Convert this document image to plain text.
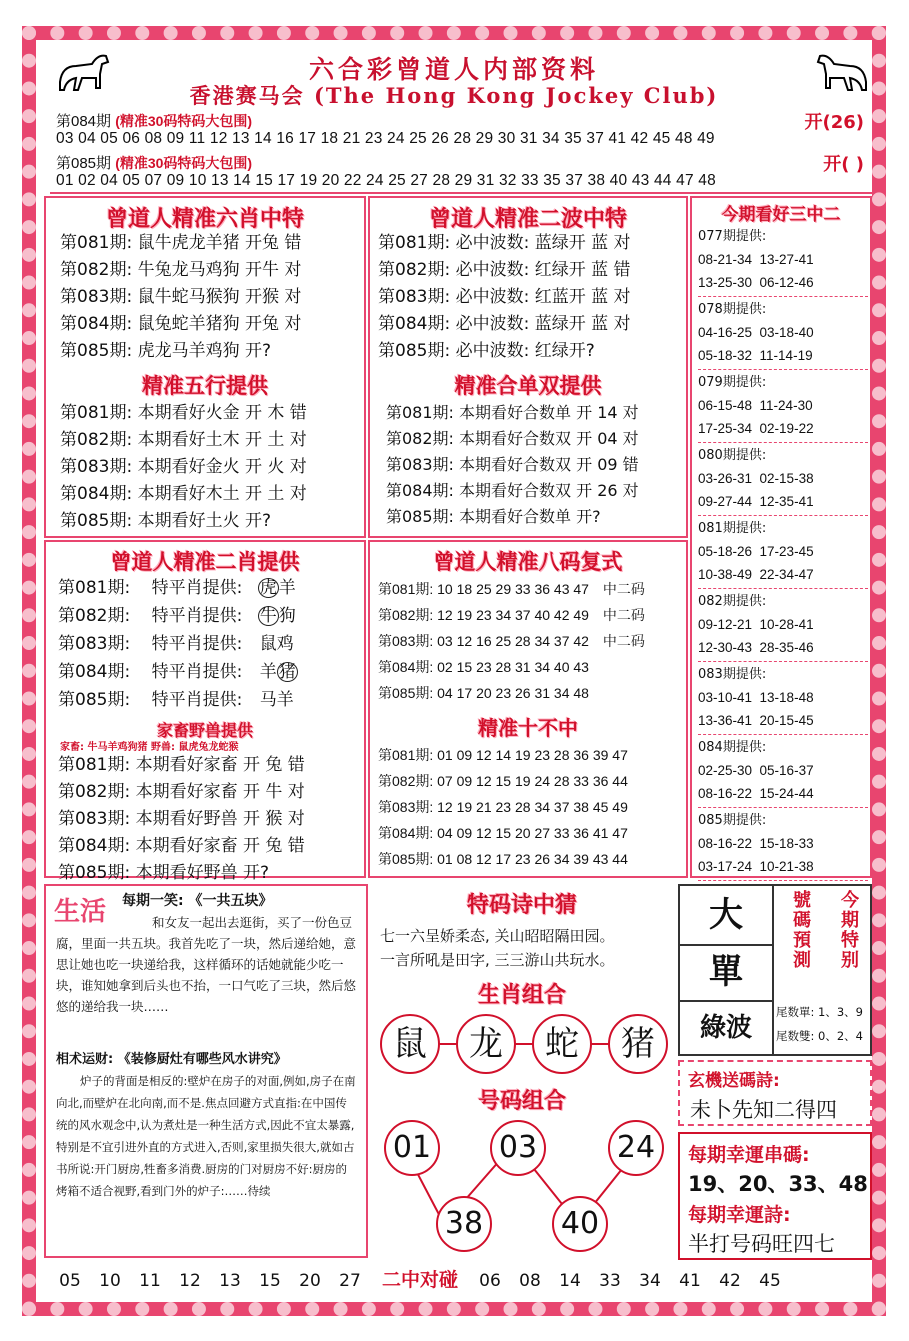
六合彩曾道人内部资料
香港赛马会 (The Hong Kong Jockey Club)
第084期 (精准30码特码大包围)	开(26)
03 04 05 06 08 09 11 12 13 14 16 17 18 21 23 24 25 26 28 29 30 31 34 35 37 41 42 45 48 49
第085期 (精准30码特码大包围)	开( )
01 02 04 05 07 09 10 13 14 15 17 19 20 22 24 25 27 28 29 31 32 33 35 37 38 40 43 44 47 48
曾道人精准六肖中特
第081期: 鼠牛虎龙羊猪 开兔 错
第082期: 牛兔龙马鸡狗 开牛 对
第083期: 鼠牛蛇马猴狗 开猴 对
第084期: 鼠兔蛇羊猪狗 开兔 对
第085期: 虎龙马羊鸡狗 开?
精准五行提供
第081期: 本期看好火金 开 木 错
第082期: 本期看好土木 开 土 对
第083期: 本期看好金火 开 火 对
第084期: 本期看好木土 开 土 对
第085期: 本期看好土火 开?
曾道人精准二波中特
第081期: 必中波数: 蓝绿开 蓝 对
第082期: 必中波数: 红绿开 蓝 错
第083期: 必中波数: 红蓝开 蓝 对
第084期: 必中波数: 蓝绿开 蓝 对
第085期: 必中波数: 红绿开?
精准合单双提供
第081期: 本期看好合数单 开 14 对
第082期: 本期看好合数双 开 04 对
第083期: 本期看好合数双 开 09 错
第084期: 本期看好合数双 开 26 对
第085期: 本期看好合数单 开?
今期看好三中二
077期提供:
08-21-34  13-27-41
13-25-30  06-12-46
078期提供:
04-16-25  03-18-40
05-18-32  11-14-19
079期提供:
06-15-48  11-24-30
17-25-34  02-19-22
080期提供:
03-26-31  02-15-38
09-27-44  12-35-41
081期提供:
05-18-26  17-23-45
10-38-49  22-34-47
082期提供:
09-12-21  10-28-41
12-30-43  28-35-46
083期提供:
03-10-41  13-18-48
13-36-41  20-15-45
084期提供:
02-25-30  05-16-37
08-16-22  15-24-44
085期提供:
08-16-22  15-18-33
03-17-24  10-21-38
曾道人精准二肖提供
第081期: 特平肖提供: 虎 羊
第082期: 特平肖提供: 牛 狗
第083期: 特平肖提供: 鼠鸡
第084期: 特平肖提供: 羊 猪
第085期: 特平肖提供: 马羊
家畜野兽提供
家畜: 牛马羊鸡狗猪 野兽: 鼠虎兔龙蛇猴
第081期: 本期看好家畜 开 兔 错
第082期: 本期看好家畜 开 牛 对
第083期: 本期看好野兽 开 猴 对
第084期: 本期看好家畜 开 兔 错
第085期: 本期看好野兽 开?
曾道人精准八码复式
第081期: 10 18 25 29 33 36 43 47 中二码
第082期: 12 19 23 34 37 40 42 49 中二码
第083期: 03 12 16 25 28 34 37 42 中二码
第084期: 02 15 23 28 31 34 40 43
第085期: 04 17 20 23 26 31 34 48
精准十不中
第081期: 01 09 12 14 19 23 28 36 39 47
第082期: 07 09 12 15 19 24 28 33 36 44
第083期: 12 19 21 23 28 34 37 38 45 49
第084期: 04 09 12 15 20 27 33 36 41 47
第085期: 01 08 12 17 23 26 34 39 43 44
生活	每期一笑: 《一共五块》
和女友一起出去逛街，买了一份色豆腐，里面一共五块。我首先吃了一块，然后递给她，意思让她也吃一块递给我，这样循环的话她就能少吃一块，谁知她拿到后头也不抬，一口气吃了三块，然后悠悠的递给我一块……
相术运财: 《装修厨灶有哪些风水讲究》
炉子的背面是相反的:壁炉在房子的对面,例如,房子在南向北,而壁炉在北向南,而不是.焦点回避方式直指:在中国传统的风水观念中,认为煮灶是一种生活方式,因此不宜太暴露,特别是不宜引进外直的方式进入,否则,家里损失很大,就如古书所说:开门厨房,牲畜多消费.厨房的门对厨房不好:厨房的烤箱不适合视野,看到门外的炉子:……待续
特码诗中猜
七一六呈娇柔态, 关山昭昭隔田园。
一言所吼是田字, 三三游山共玩水。
生肖组合
鼠	龙	蛇	猪
号码组合
01 03	24
38	40
大
單
綠波
今期特别
號碼預測
尾数單: 1、3、9
尾数雙: 0、2、4
玄機送碼詩:
未卜先知二得四
每期幸運串碼:
19、20、33、48
每期幸運詩:
半打号码旺四七
05 10 11 12 13 15 20 27 二中对碰 06 08 14 33 34 41 42 45
